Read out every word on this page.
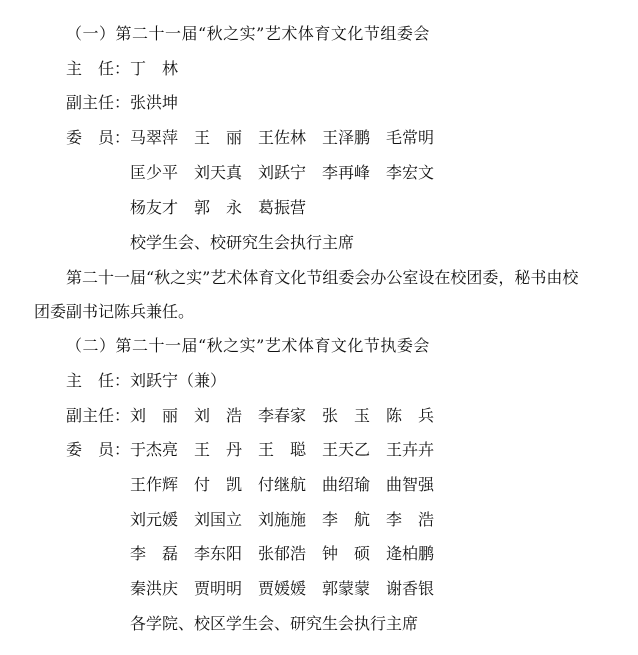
（一）第二十一届“秋之实”艺术体育文化节组委会
主　任： 丁　林
副主任： 张洪坤
委　员： 马翠萍 王　丽 王佐林 王泽鹏 毛常明
匡少平 刘天真 刘跃宁 李再峰 李宏文
杨友才 郭　永 葛振营
校学生会、校研究生会执行主席
第二十一届“秋之实”艺术体育文化节组委会办公室设在校团委，秘书由校
团委副书记陈兵兼任。
（二）第二十一届“秋之实”艺术体育文化节执委会
主　任： 刘跃宁（兼）
副主任： 刘　丽 刘　浩 李春家 张　玉 陈　兵
委　员： 于杰亮 王　丹 王　聪 王天乙 王卉卉
王作辉 付　凯 付继航 曲绍瑜 曲智强
刘元媛 刘国立 刘施施 李　航 李　浩
李　磊 李东阳 张郁浩 钟　硕 逄柏鹏
秦洪庆 贾明明 贾媛媛 郭蒙蒙 谢香银
各学院、校区学生会、研究生会执行主席
